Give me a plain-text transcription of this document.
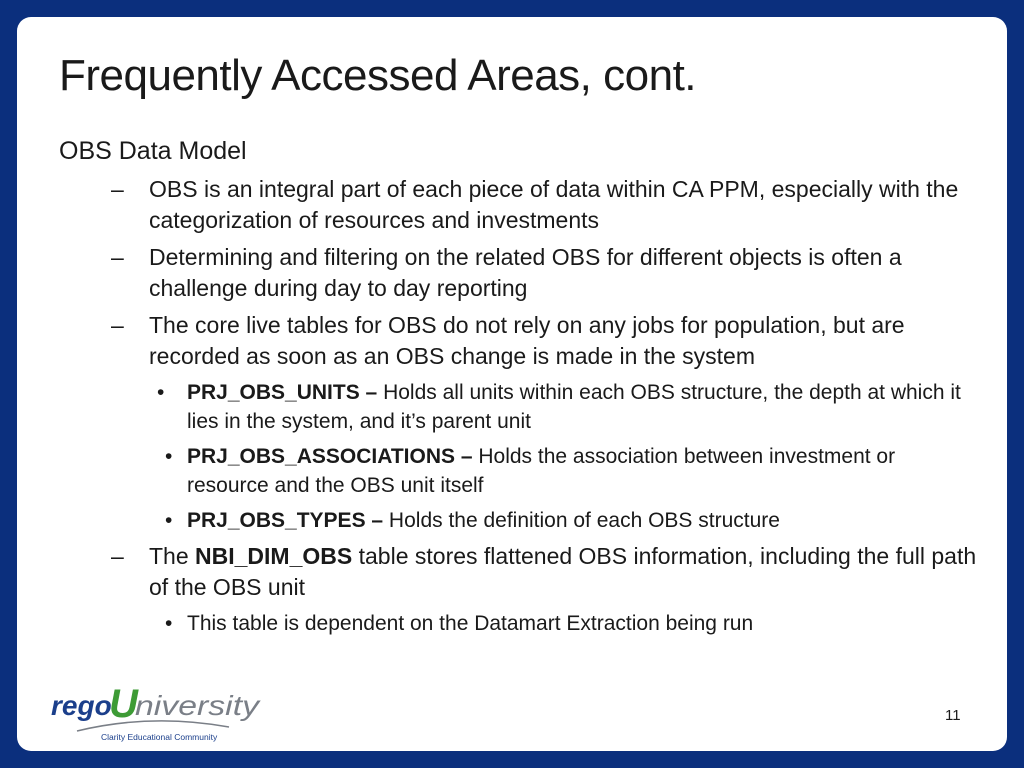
Frequently Accessed Areas, cont.
OBS Data Model
– OBS is an integral part of each piece of data within CA PPM, especially with the categorization of resources and investments
– Determining and filtering on the related OBS for different objects is often a challenge during day to day reporting
– The core live tables for OBS do not rely on any jobs for population, but are recorded as soon as an OBS change is made in the system
• PRJ_OBS_UNITS – Holds all units within each OBS structure, the depth at which it lies in the system, and it’s parent unit
• PRJ_OBS_ASSOCIATIONS – Holds the association between investment or resource and the OBS unit itself
• PRJ_OBS_TYPES – Holds the definition of each OBS structure
– The NBI_DIM_OBS table stores flattened OBS information, including the full path of the OBS unit
• This table is dependent on the Datamart Extraction being run
rego
U
niversity
Clarity Educational Community
11
